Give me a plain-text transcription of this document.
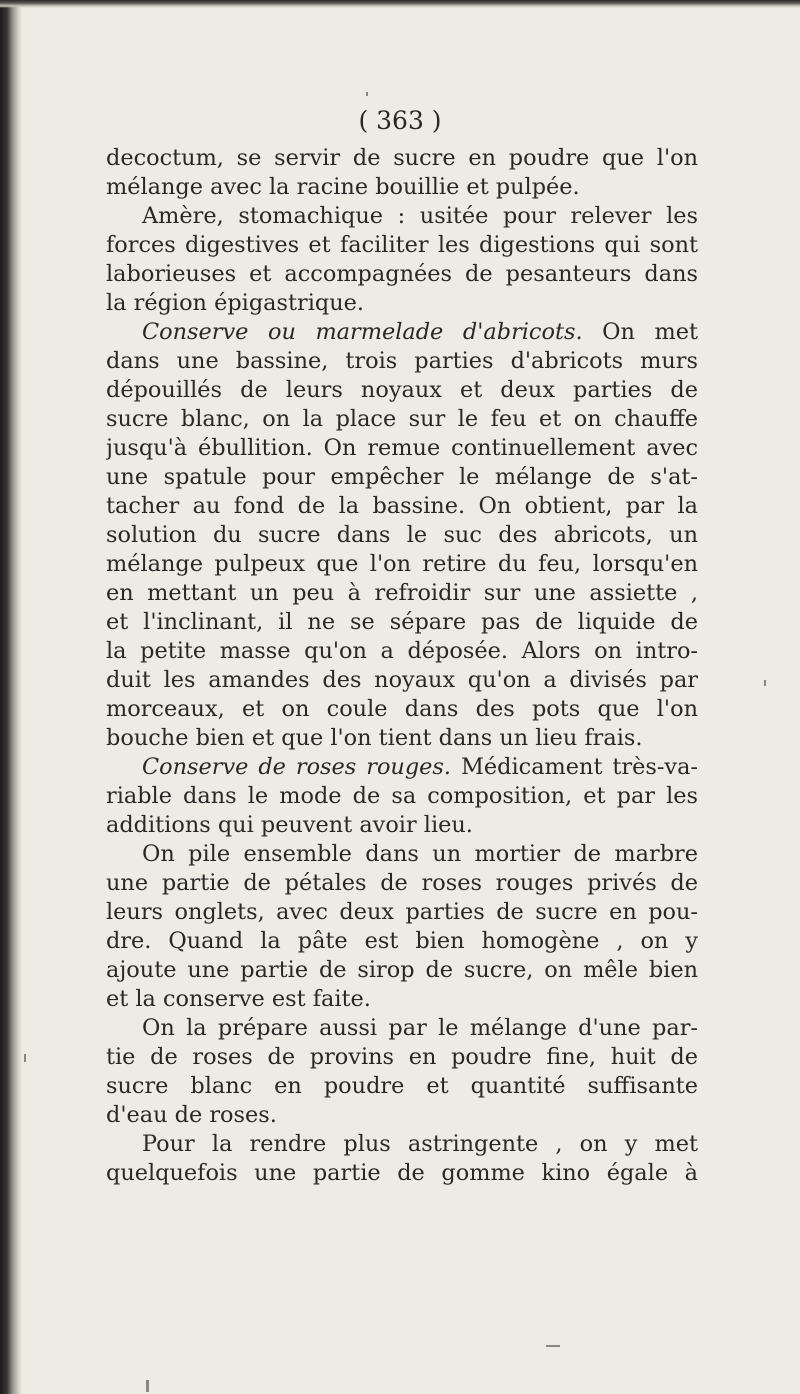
( 363 )
decoctum, se servir de sucre en poudre que l'on
mélange avec la racine bouillie et pulpée.
Amère, stomachique : usitée pour relever les
forces digestives et faciliter les digestions qui sont
laborieuses et accompagnées de pesanteurs dans
la région épigastrique.
Conserve ou marmelade d'abricots. On met
dans une bassine, trois parties d'abricots murs
dépouillés de leurs noyaux et deux parties de
sucre blanc, on la place sur le feu et on chauffe
jusqu'à ébullition. On remue continuellement avec
une spatule pour empêcher le mélange de s'at-
tacher au fond de la bassine. On obtient, par la
solution du sucre dans le suc des abricots, un
mélange pulpeux que l'on retire du feu, lorsqu'en
en mettant un peu à refroidir sur une assiette ,
et l'inclinant, il ne se sépare pas de liquide de
la petite masse qu'on a déposée. Alors on intro-
duit les amandes des noyaux qu'on a divisés par
morceaux, et on coule dans des pots que l'on
bouche bien et que l'on tient dans un lieu frais.
Conserve de roses rouges. Médicament très-va-
riable dans le mode de sa composition, et par les
additions qui peuvent avoir lieu.
On pile ensemble dans un mortier de marbre
une partie de pétales de roses rouges privés de
leurs onglets, avec deux parties de sucre en pou-
dre. Quand la pâte est bien homogène , on y
ajoute une partie de sirop de sucre, on mêle bien
et la conserve est faite.
On la prépare aussi par le mélange d'une par-
tie de roses de provins en poudre fine, huit de
sucre blanc en poudre et quantité suffisante
d'eau de roses.
Pour la rendre plus astringente , on y met
quelquefois une partie de gomme kino égale à
